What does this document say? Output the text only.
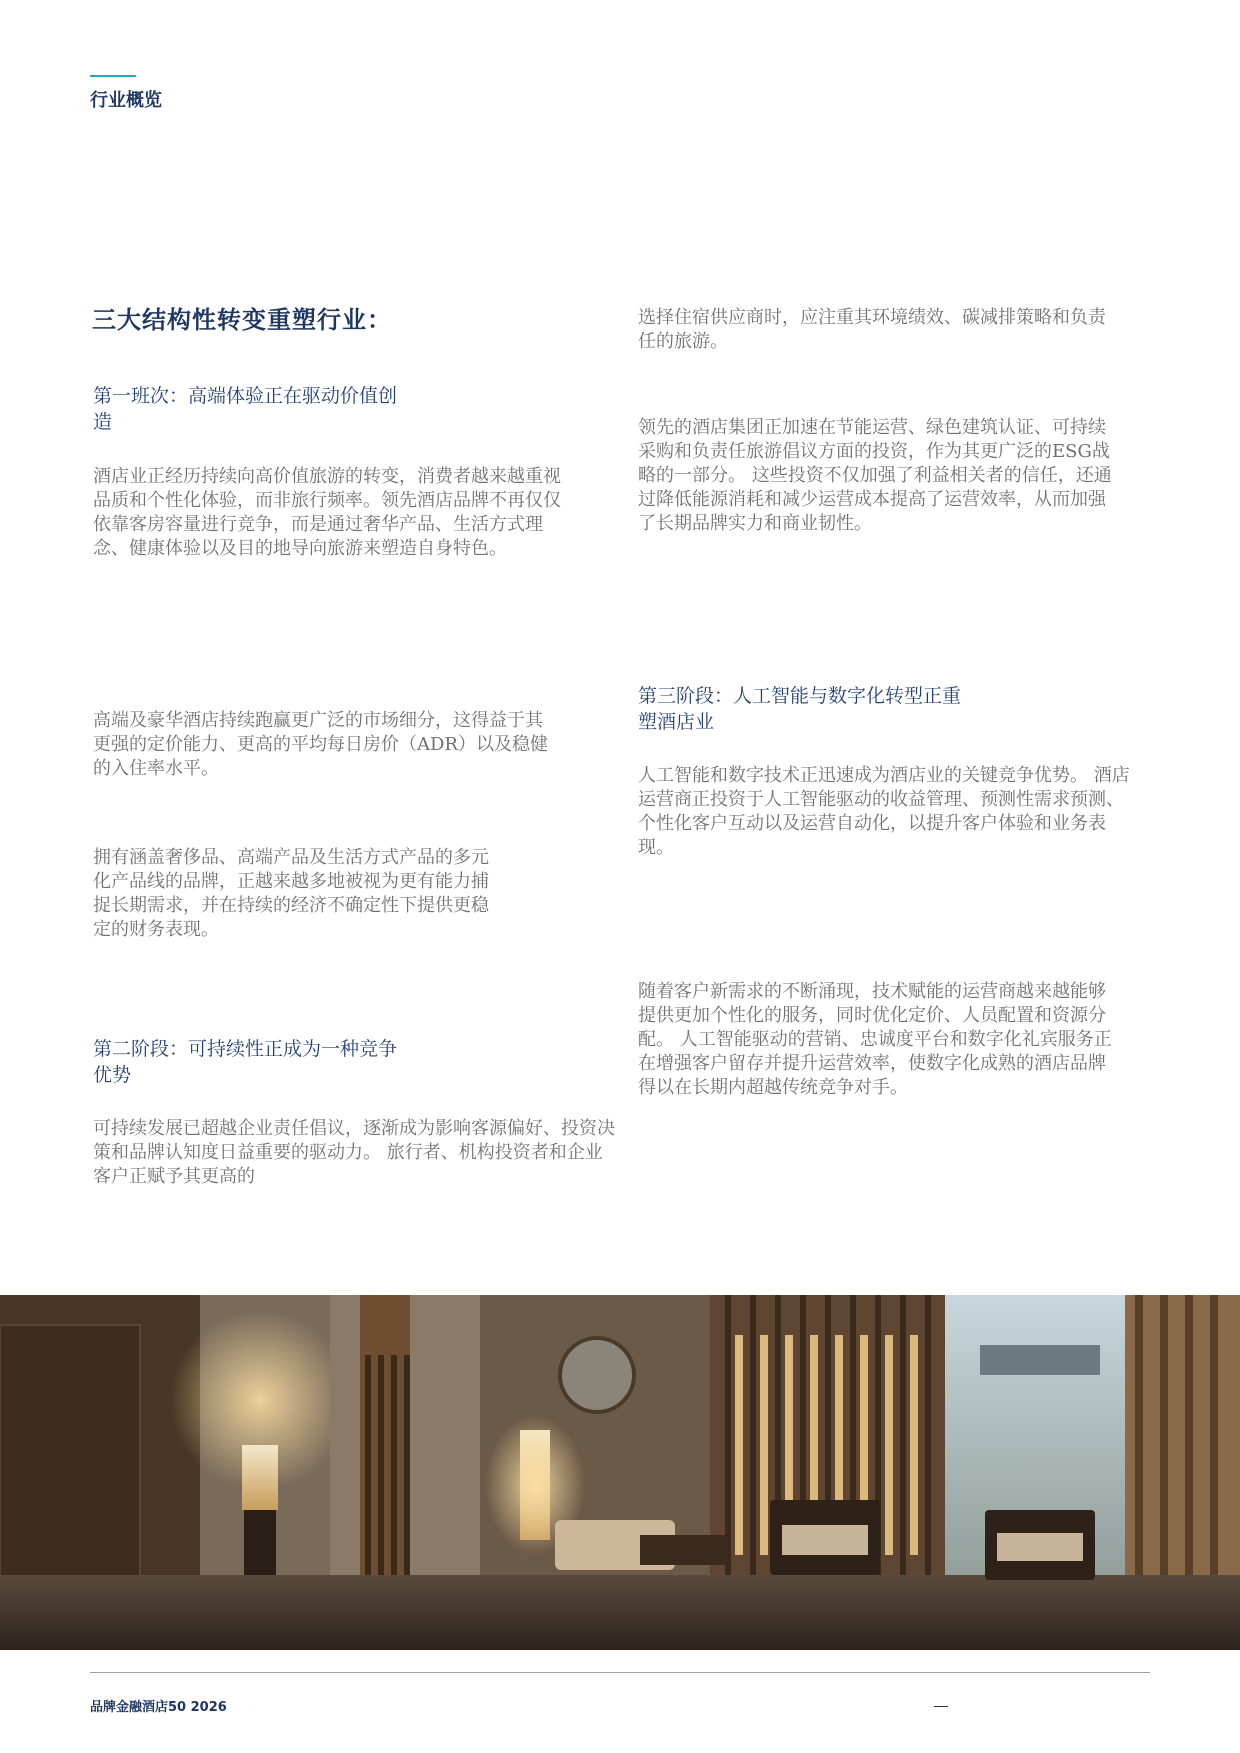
行业概览
三大结构性转变重塑行业：
第一班次：高端体验正在驱动价值创造

酒店业正经历持续向高价值旅游的转变，消费者越来越重视品质和个性化体验，而非旅行频率。领先酒店品牌不再仅仅依靠客房容量进行竞争，而是通过奢华产品、生活方式理念、健康体验以及目的地导向旅游来塑造自身特色。

高端及豪华酒店持续跑赢更广泛的市场细分，这得益于其更强的定价能力、更高的平均每日房价（ADR）以及稳健的入住率水平。

拥有涵盖奢侈品、高端产品及生活方式产品的多元化产品线的品牌，正越来越多地被视为更有能力捕捉长期需求，并在持续的经济不确定性下提供更稳定的财务表现。

第二阶段：可持续性正成为一种竞争优势

可持续发展已超越企业责任倡议，逐渐成为影响客源偏好、投资决策和品牌认知度日益重要的驱动力。 旅行者、机构投资者和企业客户正赋予其更高的

选择住宿供应商时，应注重其环境绩效、碳减排策略和负责任的旅游。

领先的酒店集团正加速在节能运营、绿色建筑认证、可持续采购和负责任旅游倡议方面的投资，作为其更广泛的ESG战略的一部分。 这些投资不仅加强了利益相关者的信任，还通过降低能源消耗和减少运营成本提高了运营效率，从而加强了长期品牌实力和商业韧性。

第三阶段：人工智能与数字化转型正重塑酒店业

人工智能和数字技术正迅速成为酒店业的关键竞争优势。 酒店运营商正投资于人工智能驱动的收益管理、预测性需求预测、个性化客户互动以及运营自动化，以提升客户体验和业务表现。

随着客户新需求的不断涌现，技术赋能的运营商越来越能够提供更加个性化的服务，同时优化定价、人员配置和资源分配。 人工智能驱动的营销、忠诚度平台和数字化礼宾服务正在增强客户留存并提升运营效率，使数字化成熟的酒店品牌得以在长期内超越传统竞争对手。

品牌金融酒店50 2026
